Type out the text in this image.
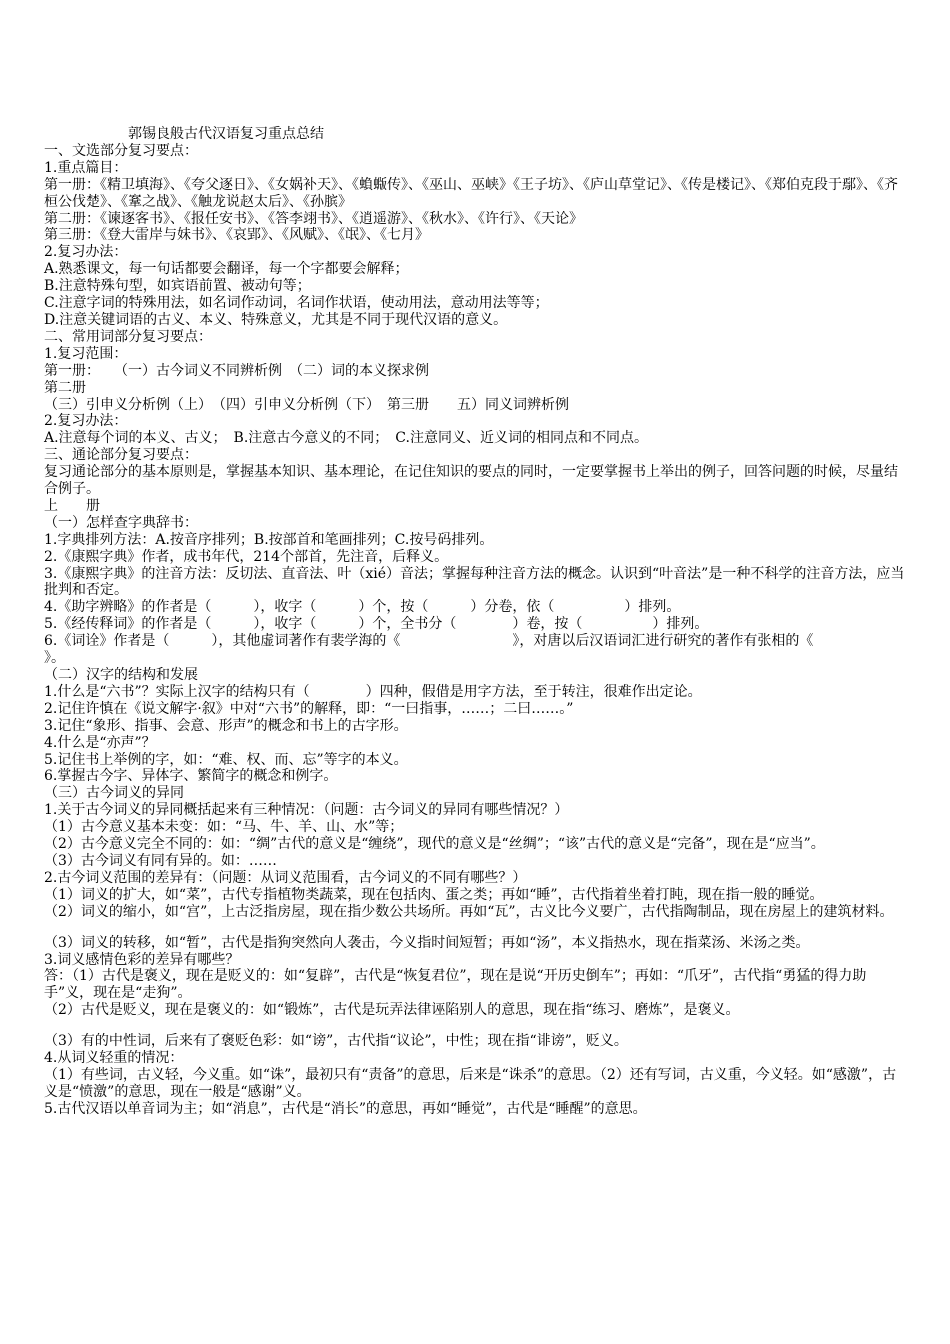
郭锡良般古代汉语复习重点总结
一、文选部分复习要点：
1.重点篇目：
第一册：《精卫填海》、《夸父逐日》、《女娲补天》、《蝜蝂传》、《巫山、巫峡》《王子坊》、《庐山草堂记》、《传是楼记》、《郑伯克段于鄢》、《齐桓公伐楚》、《鞌之战》、《触龙说赵太后》、《孙膑》
第二册：《谏逐客书》、《报任安书》、《答李翊书》、《逍遥游》、《秋水》、《许行》、《天论》
第三册：《登大雷岸与妹书》、《哀郢》、《风赋》、《氓》、《七月》
2.复习办法：
A.熟悉课文，每一句话都要会翻译，每一个字都要会解释；
B.注意特殊句型，如宾语前置、被动句等；
C.注意字词的特殊用法，如名词作动词，名词作状语，使动用法，意动用法等等；
D.注意关键词语的古义、本义、特殊意义，尤其是不同于现代汉语的意义。
二、常用词部分复习要点：
1.复习范围：
第一册：　　（一）古今词义不同辨析例　（二）词的本义探求例
第二册
（三）引申义分析例（上）　（四）引申义分析例（下）　第三册　　五）同义词辨析例
2.复习办法：
A.注意每个词的本义、古义；　B.注意古今意义的不同；　C.注意同义、近义词的相同点和不同点。
三、通论部分复习要点：
复习通论部分的基本原则是，掌握基本知识、基本理论，在记住知识的要点的同时，一定要掌握书上举出的例子，回答问题的时候，尽量结合例子。
上　　册
（一）怎样查字典辞书：
1.字典排列方法：A.按音序排列；B.按部首和笔画排列；C.按号码排列。
2.《康熙字典》作者，成书年代，214个部首，先注音，后释义。
3.《康熙字典》的注音方法：反切法、直音法、叶（xié）音法；掌握每种注音方法的概念。认识到“叶音法”是一种不科学的注音方法，应当批判和否定。
4.《助字辨略》的作者是（　　　），收字（　　　）个，按（　　　）分卷，依（　　　　　）排列。
5.《经传释词》的作者是（　　　），收字（　　　）个，全书分（　　　　）卷，按（　　　　　）排列。
6.《词诠》作者是（　　　），其他虚词著作有裴学海的《　　　　　　　　》，对唐以后汉语词汇进行研究的著作有张相的《　　　　　　》。
（二）汉字的结构和发展
1.什么是“六书”？实际上汉字的结构只有（　　　　）四种，假借是用字方法，至于转注，很难作出定论。
2.记住许慎在《说文解字·叙》中对“六书”的解释，即：“一曰指事，……；二曰……。”
3.记住“象形、指事、会意、形声”的概念和书上的古字形。
4.什么是“亦声”？
5.记住书上举例的字，如：“难、权、而、忘”等字的本义。
6.掌握古今字、异体字、繁简字的概念和例字。
（三）古今词义的异同
1.关于古今词义的异同概括起来有三种情况：（问题：古今词义的异同有哪些情况？）
（1）古今意义基本未变：如：“马、牛、羊、山、水”等；
（2）古今意义完全不同的：如：“绸”古代的意义是“缠绕”，现代的意义是“丝绸”；“该”古代的意义是“完备”，现在是“应当”。
（3）古今词义有同有异的。如：……
2.古今词义范围的差异有：（问题：从词义范围看，古今词义的不同有哪些？）
（1）词义的扩大，如“菜”，古代专指植物类蔬菜，现在包括肉、蛋之类；再如“睡”，古代指着坐着打盹，现在指一般的睡觉。
（2）词义的缩小，如“宫”，上古泛指房屋，现在指少数公共场所。再如“瓦”，古义比今义要广，古代指陶制品，现在房屋上的建筑材料。
（3）词义的转移，如“暂”，古代是指狗突然向人袭击，今义指时间短暂；再如“汤”，本义指热水，现在指菜汤、米汤之类。
3.词义感情色彩的差异有哪些？
答：（1）古代是褒义，现在是贬义的：如“复辟”，古代是“恢复君位”，现在是说“开历史倒车”；再如：“爪牙”，古代指“勇猛的得力助手”义，现在是“走狗”。
（2）古代是贬义，现在是褒义的：如“锻炼”，古代是玩弄法律诬陷别人的意思，现在指“练习、磨炼”，是褒义。
（3）有的中性词，后来有了褒贬色彩：如“谤”，古代指“议论”，中性；现在指“诽谤”，贬义。
4.从词义轻重的情况：
（1）有些词，古义轻，今义重。如“诛”，最初只有“责备”的意思，后来是“诛杀”的意思。（2）还有写词，古义重，今义轻。如“感激”，古义是“愤激”的意思，现在一般是“感谢”义。
5.古代汉语以单音词为主；如“消息”，古代是“消长”的意思，再如“睡觉”，古代是“睡醒”的意思。
